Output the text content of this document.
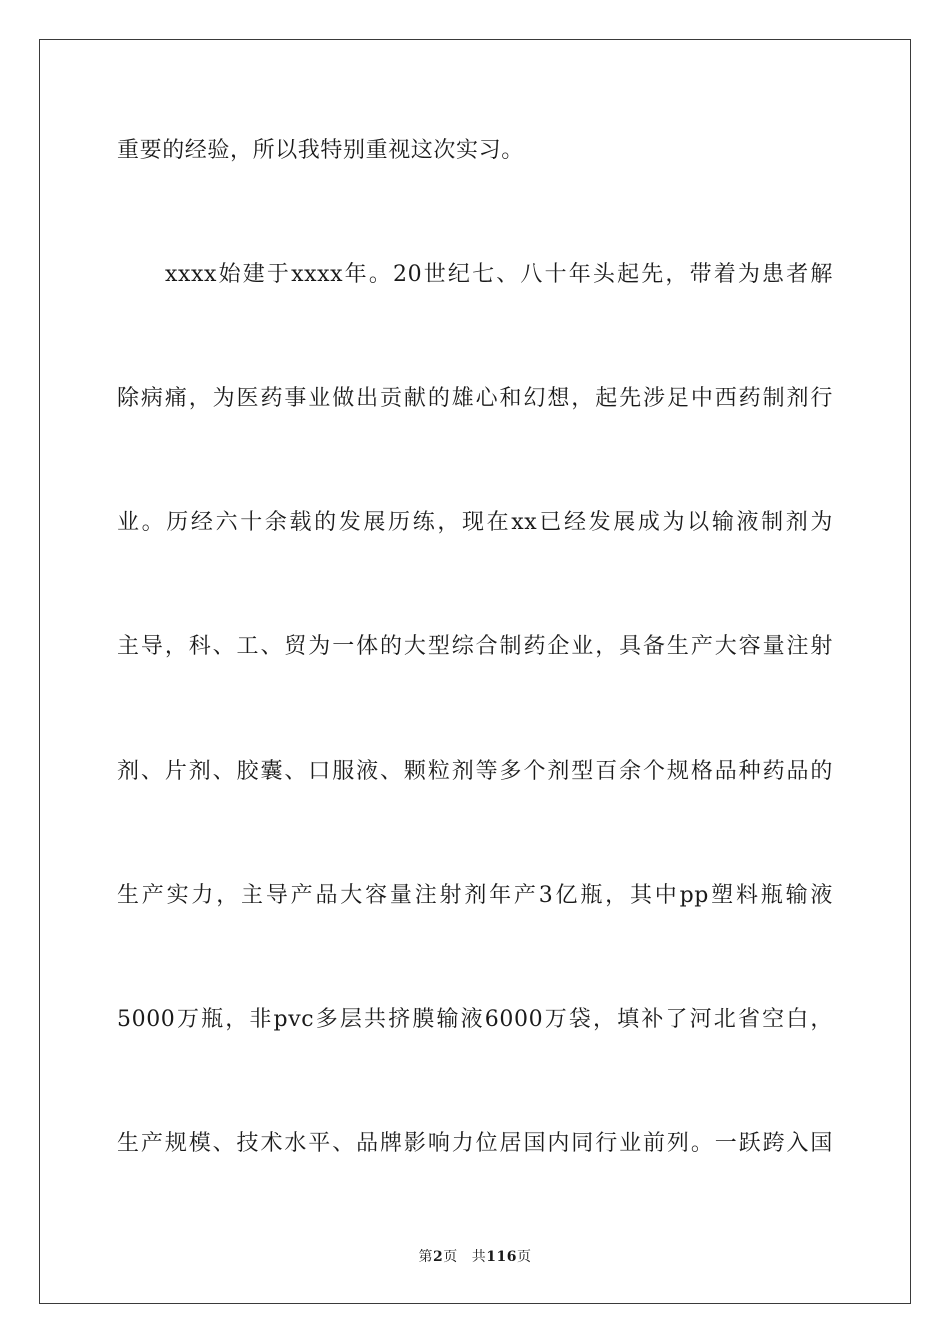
重要的经验，所以我特别重视这次实习。
xxxx始建于xxxx年。20世纪七、八十年头起先，带着为患者解
除病痛，为医药事业做出贡献的雄心和幻想，起先涉足中西药制剂行
业。历经六十余载的发展历练，现在xx已经发展成为以输液制剂为
主导，科、工、贸为一体的大型综合制药企业，具备生产大容量注射
剂、片剂、胶囊、口服液、颗粒剂等多个剂型百余个规格品种药品的
生产实力，主导产品大容量注射剂年产3亿瓶，其中pp塑料瓶输液
5000万瓶，非pvc多层共挤膜输液6000万袋，填补了河北省空白，
生产规模、技术水平、品牌影响力位居国内同行业前列。一跃跨入国
第2页 共116页
